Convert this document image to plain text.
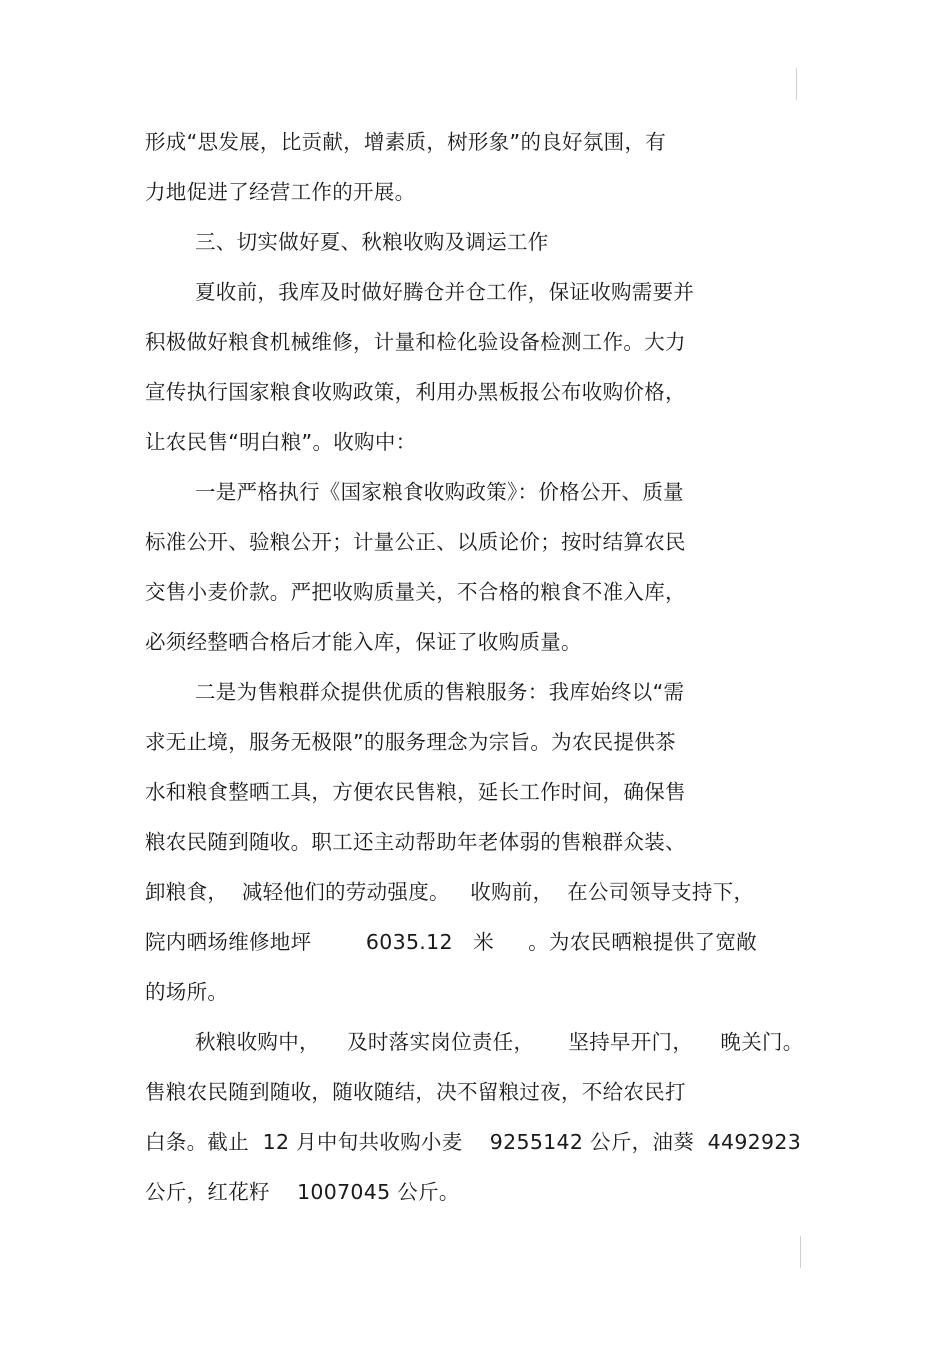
形成“思发展，比贡献，增素质，树形象”的良好氛围，有
力地促进了经营工作的开展。
三、切实做好夏、秋粮收购及调运工作
夏收前，我库及时做好腾仓并仓工作，保证收购需要并
积极做好粮食机械维修，计量和检化验设备检测工作。大力
宣传执行国家粮食收购政策，利用办黑板报公布收购价格，
让农民售“明白粮”。收购中：
一是严格执行《国家粮食收购政策》：价格公开、质量
标准公开、验粮公开；计量公正、以质论价；按时结算农民
交售小麦价款。严把收购质量关，不合格的粮食不准入库，
必须经整晒合格后才能入库，保证了收购质量。
二是为售粮群众提供优质的售粮服务：我库始终以“需
求无止境，服务无极限”的服务理念为宗旨。为农民提供茶
水和粮食整晒工具，方便农民售粮，延长工作时间，确保售
粮农民随到随收。职工还主动帮助年老体弱的售粮群众装、
卸粮食，  减轻他们的劳动强度。   收购前，  在公司领导支持下，
院内晒场维修地坪        6035.12   米     。为农民晒粮提供了宽敞
的场所。
秋粮收购中，    及时落实岗位责任，     坚持早开门，    晚关门。
售粮农民随到随收，随收随结，决不留粮过夜，不给农民打
白条。截止  12 月中旬共收购小麦    9255142 公斤，油葵  4492923
公斤，红花籽    1007045 公斤。
